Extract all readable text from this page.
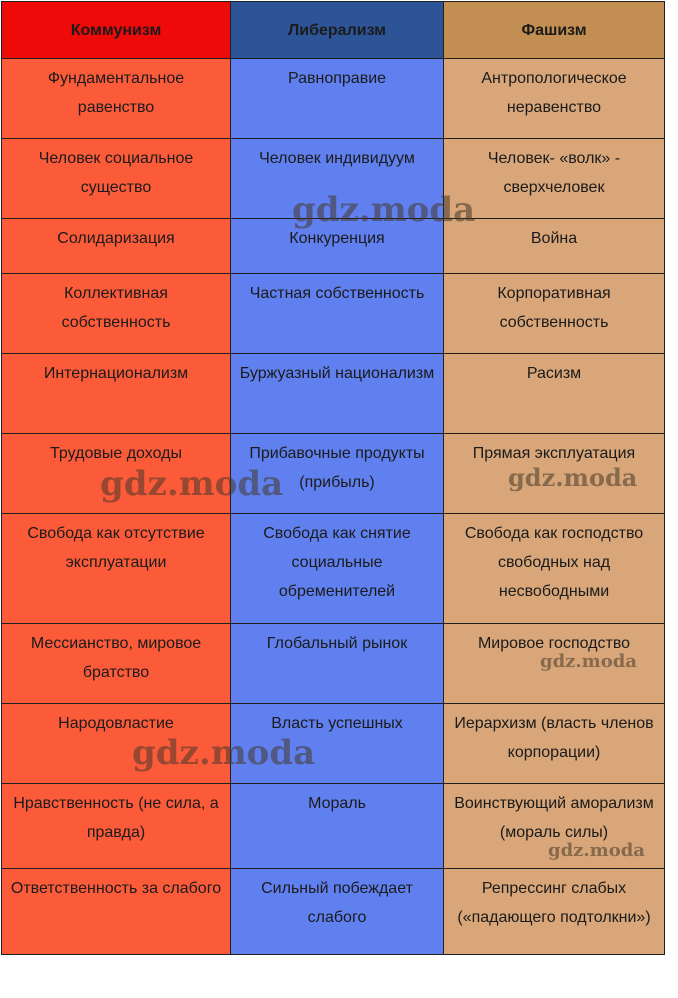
Коммунизм	Либерализм	Фашизм
Фундаментальное равенство	Равноправие	Антропологическое неравенство
Человек социальное существо	Человек индивидуум	Человек- «волк» - сверхчеловек
Солидаризация	Конкуренция	Война
Коллективная собственность	Частная собственность	Корпоративная собственность
Интернационализм	Буржуазный национализм	Расизм
Трудовые доходы	Прибавочные продукты (прибыль)	Прямая эксплуатация
Свобода как отсутствие эксплуатации	Свобода как снятие социальные обременителей	Свобода как господство свободных над несвободными
Мессианство, мировое братство	Глобальный рынок	Мировое господство
Народовластие	Власть успешных	Иерархизм (власть членов корпорации)
Нравственность (не сила, а правда)	Мораль	Воинствующий аморализм (мораль силы)
Ответственность за слабого	Сильный побеждает слабого	Репрессинг слабых («падающего подтолкни»)
gdz.moda
gdz.moda	gdz.moda
gdz.moda
gdz.moda
gdz.moda
